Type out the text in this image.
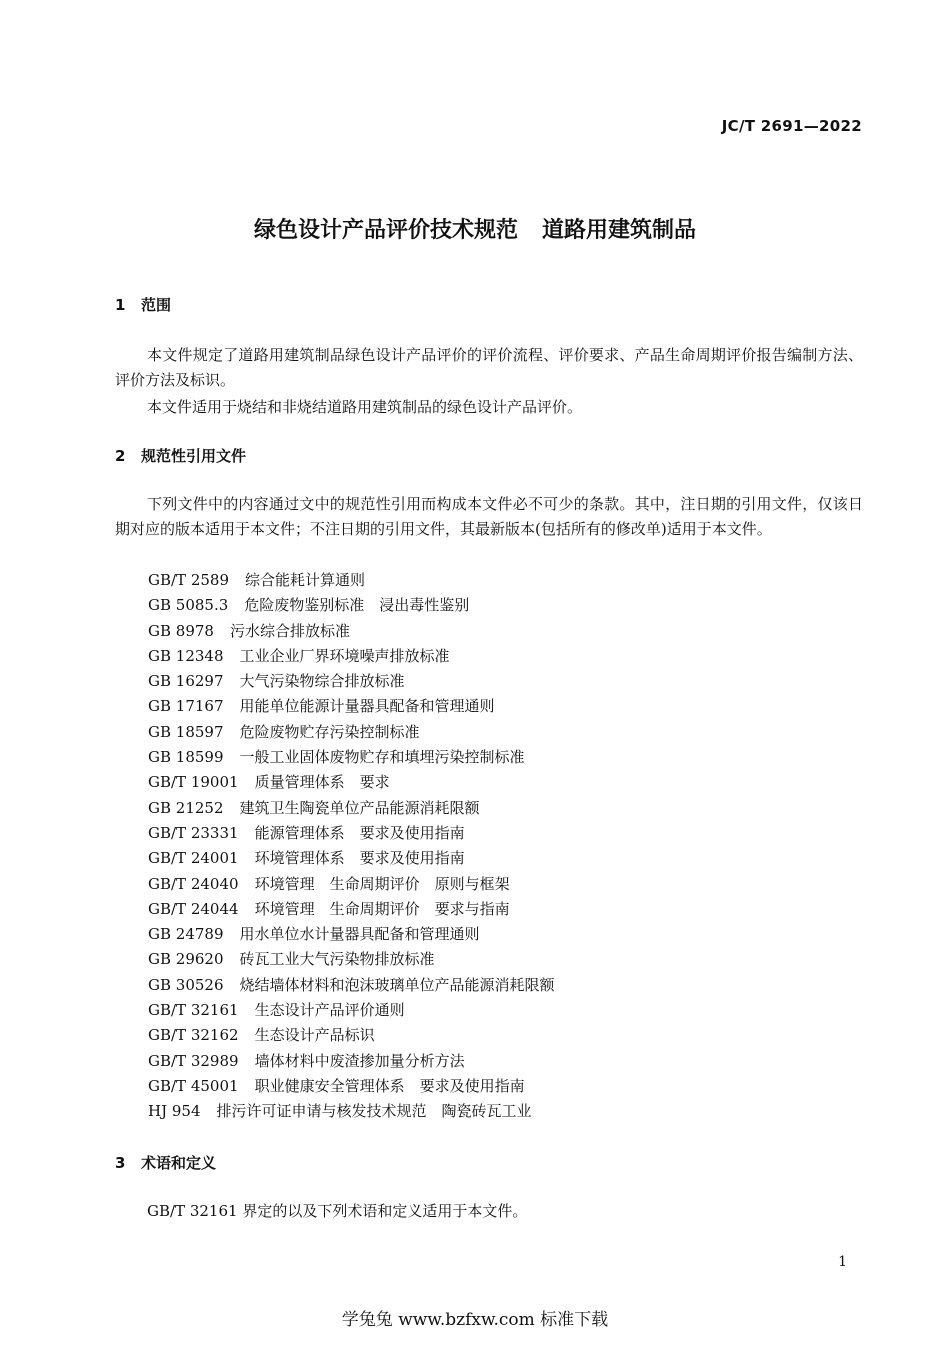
JC/T 2691—2022
绿色设计产品评价技术规范 道路用建筑制品
1 范围

本文件规定了道路用建筑制品绿色设计产品评价的评价流程、评价要求、产品生命周期评价报告编制方法、评价方法及标识。

本文件适用于烧结和非烧结道路用建筑制品的绿色设计产品评价。

2 规范性引用文件

下列文件中的内容通过文中的规范性引用而构成本文件必不可少的条款。其中，注日期的引用文件，仅该日期对应的版本适用于本文件；不注日期的引用文件，其最新版本(包括所有的修改单)适用于本文件。

GB/T 2589 综合能耗计算通则
GB 5085.3 危险废物鉴别标准　浸出毒性鉴别
GB 8978 污水综合排放标准
GB 12348 工业企业厂界环境噪声排放标准
GB 16297 大气污染物综合排放标准
GB 17167 用能单位能源计量器具配备和管理通则
GB 18597 危险废物贮存污染控制标准
GB 18599 一般工业固体废物贮存和填埋污染控制标准
GB/T 19001 质量管理体系　要求
GB 21252 建筑卫生陶瓷单位产品能源消耗限额
GB/T 23331 能源管理体系　要求及使用指南
GB/T 24001 环境管理体系　要求及使用指南
GB/T 24040 环境管理　生命周期评价　原则与框架
GB/T 24044 环境管理　生命周期评价　要求与指南
GB 24789 用水单位水计量器具配备和管理通则
GB 29620 砖瓦工业大气污染物排放标准
GB 30526 烧结墙体材料和泡沫玻璃单位产品能源消耗限额
GB/T 32161 生态设计产品评价通则
GB/T 32162 生态设计产品标识
GB/T 32989 墙体材料中废渣掺加量分析方法
GB/T 45001 职业健康安全管理体系　要求及使用指南
HJ 954 排污许可证申请与核发技术规范　陶瓷砖瓦工业
3 术语和定义

GB/T 32161 界定的以及下列术语和定义适用于本文件。

1
学兔兔 www.bzfxw.com 标准下载
